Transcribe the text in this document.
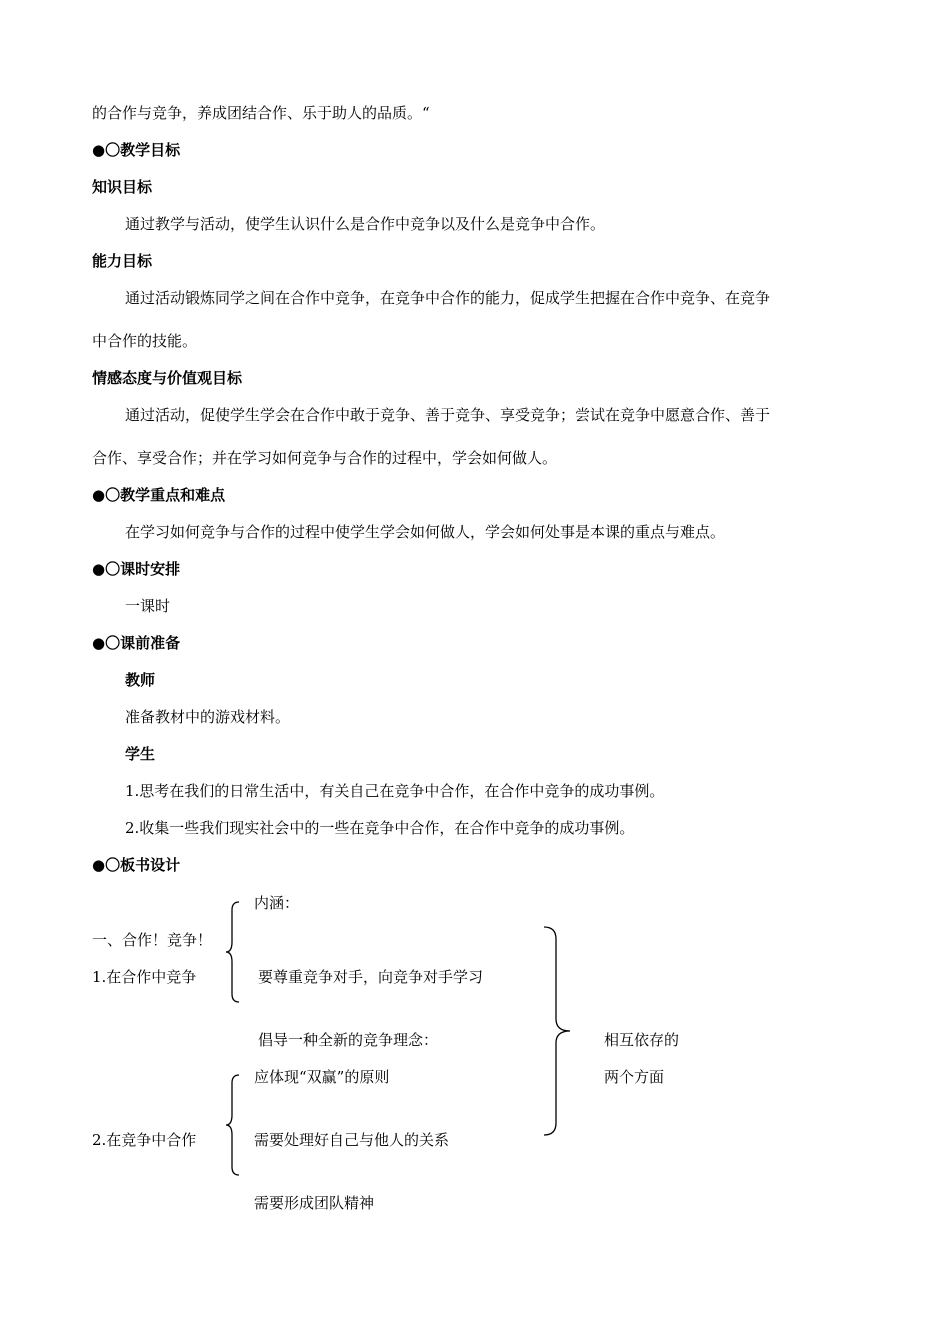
的合作与竞争，养成团结合作、乐于助人的品质。“
●〇教学目标
知识目标
通过教学与活动，使学生认识什么是合作中竞争以及什么是竞争中合作。
能力目标
通过活动锻炼同学之间在合作中竞争，在竞争中合作的能力，促成学生把握在合作中竞争、在竞争
中合作的技能。
情感态度与价值观目标
通过活动，促使学生学会在合作中敢于竞争、善于竞争、享受竞争；尝试在竞争中愿意合作、善于
合作、享受合作；并在学习如何竞争与合作的过程中，学会如何做人。
●〇教学重点和难点
在学习如何竞争与合作的过程中使学生学会如何做人，学会如何处事是本课的重点与难点。
●〇课时安排
一课时
●〇课前准备
教师
准备教材中的游戏材料。
学生
1.思考在我们的日常生活中，有关自己在竞争中合作，在合作中竞争的成功事例。
2.收集一些我们现实社会中的一些在竞争中合作，在合作中竞争的成功事例。
●〇板书设计
内涵：
一、合作！竞争！
1.在合作中竞争	要尊重竞争对手，向竞争对手学习
倡导一种全新的竞争理念：	相互依存的
应体现“双赢”的原则	两个方面
2.在竞争中合作	需要处理好自己与他人的关系
需要形成团队精神
